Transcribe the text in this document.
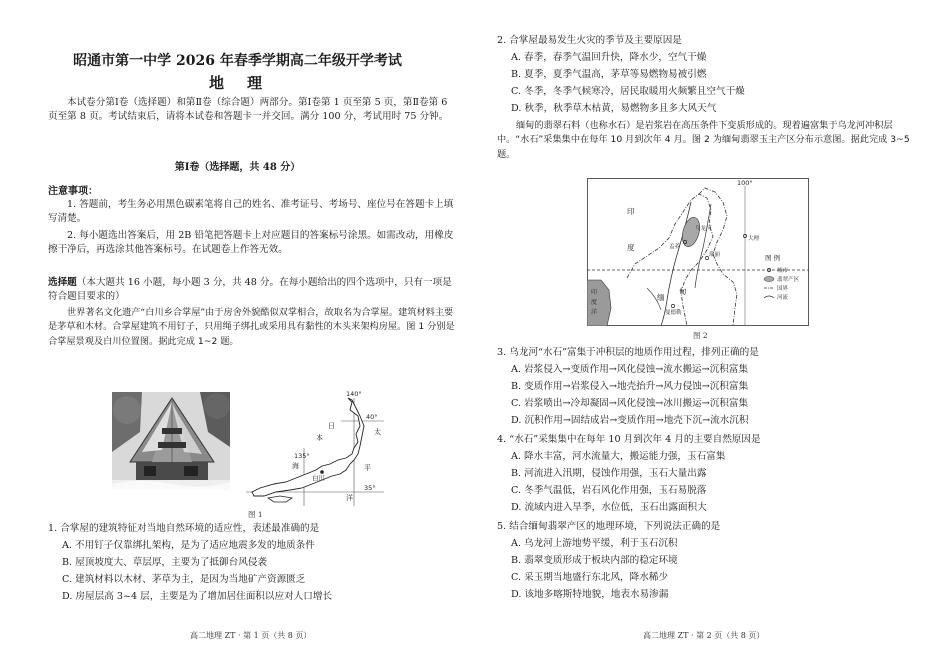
昭通市第一中学 2026 年春季学期高二年级开学考试
地　理
本试卷分第Ⅰ卷（选择题）和第Ⅱ卷（综合题）两部分。第Ⅰ卷第 1 页至第 5 页，第Ⅱ卷第 6 页至第 8 页。考试结束后，请将本试卷和答题卡一并交回。满分 100 分，考试用时 75 分钟。
第Ⅰ卷（选择题，共 48 分）
注意事项：
1. 答题前，考生务必用黑色碳素笔将自己的姓名、准考证号、考场号、座位号在答题卡上填写清楚。
2. 每小题选出答案后，用 2B 铅笔把答题卡上对应题目的答案标号涂黑。如需改动，用橡皮擦干净后，再选涂其他答案标号。在试题卷上作答无效。
选择题（本大题共 16 小题，每小题 3 分，共 48 分。在每小题给出的四个选项中，只有一项是符合题目要求的）
世界著名文化遗产“白川乡合掌屋”由于房舍外貌酷似双掌相合，故取名为合掌屋。建筑材料主要是茅草和木材。合掌屋建筑不用钉子，只用绳子绑扎或采用具有黏性的木头来架构房屋。图 1 分别是合掌屋景观及白川位置图。据此完成 1~2 题。
140°
135°
40°
35°
日
本
太
平
洋
海
白川
图 1
1. 合掌屋的建筑特征对当地自然环境的适应性，表述最准确的是
A. 不用钉子仅靠绑扎架构，是为了适应地震多发的地质条件
B. 屋顶坡度大、草层厚，主要为了抵御台风侵袭
C. 建筑材料以木材、茅草为主，是因为当地矿产资源匮乏
D. 房屋层高 3~4 层，主要是为了增加居住面积以应对人口增长
高二地理 ZT · 第 1 页（共 8 页）
2. 合掌屋最易发生火灾的季节及主要原因是
A. 春季，春季气温回升快，降水少，空气干燥
B. 夏季，夏季气温高，茅草等易燃物易被引燃
C. 冬季，冬季气候寒冷，居民取暖用火频繁且空气干燥
D. 秋季，秋季草木枯黄，易燃物多且多大风天气
缅甸的翡翠石料（也称水石）是岩浆岩在高压条件下变质形成的。现着遍富集于乌龙河冲积层中。“水石”采集集中在每年 10 月到次年 4 月。图 2 为缅甸翡翠玉主产区分布示意图。据此完成 3~5 题。
100°
印
度
缅
甸
乌龙河
孟养
大理
瑞丽
曼德勒
印
度
洋
图 例
城市
翡翠产区
国界
河流
图 2
3. 乌龙河“水石”富集于冲积层的地质作用过程，排列正确的是
A. 岩浆侵入→变质作用→风化侵蚀→流水搬运→沉积富集
B. 变质作用→岩浆侵入→地壳抬升→风力侵蚀→沉积富集
C. 岩浆喷出→冷却凝固→风化侵蚀→冰川搬运→沉积富集
D. 沉积作用→固结成岩→变质作用→地壳下沉→流水沉积
4. “水石”采集集中在每年 10 月到次年 4 月的主要自然原因是
A. 降水丰富，河水流量大，搬运能力强，玉石富集
B. 河流进入汛期，侵蚀作用强，玉石大量出露
C. 冬季气温低，岩石风化作用强，玉石易脱落
D. 流域内进入旱季，水位低，玉石出露面积大
5. 结合缅甸翡翠产区的地理环境，下列说法正确的是
A. 乌龙河上游地势平缓，利于玉石沉积
B. 翡翠变质形成于板块内部的稳定环境
C. 采玉期当地盛行东北风，降水稀少
D. 该地多喀斯特地貌，地表水易渗漏
高二地理 ZT · 第 2 页（共 8 页）
